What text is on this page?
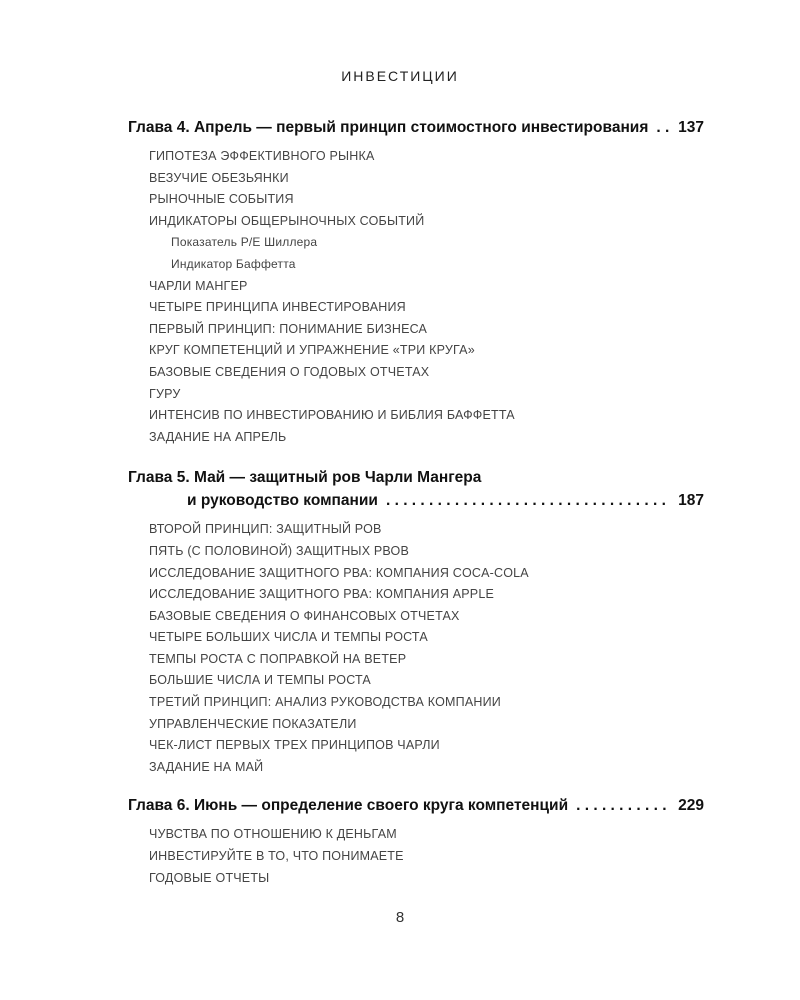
ИНВЕСТИЦИИ
Глава 4. Апрель — первый принцип стоимостного инвестирования . . . 137
ГИПОТЕЗА ЭФФЕКТИВНОГО РЫНКА
ВЕЗУЧИЕ ОБЕЗЬЯНКИ
РЫНОЧНЫЕ СОБЫТИЯ
ИНДИКАТОРЫ ОБЩЕРЫНОЧНЫХ СОБЫТИЙ
Показатель P/E Шиллера
Индикатор Баффетта
ЧАРЛИ МАНГЕР
ЧЕТЫРЕ ПРИНЦИПА ИНВЕСТИРОВАНИЯ
ПЕРВЫЙ ПРИНЦИП: ПОНИМАНИЕ БИЗНЕСА
КРУГ КОМПЕТЕНЦИЙ И УПРАЖНЕНИЕ «ТРИ КРУГА»
БАЗОВЫЕ СВЕДЕНИЯ О ГОДОВЫХ ОТЧЕТАХ
ГУРУ
ИНТЕНСИВ ПО ИНВЕСТИРОВАНИЮ И БИБЛИЯ БАФФЕТТА
ЗАДАНИЕ НА АПРЕЛЬ
Глава 5. Май — защитный ров Чарли Мангера
и руководство компании . . .	187
ВТОРОЙ ПРИНЦИП: ЗАЩИТНЫЙ РОВ
ПЯТЬ (С ПОЛОВИНОЙ) ЗАЩИТНЫХ РВОВ
ИССЛЕДОВАНИЕ ЗАЩИТНОГО РВА: КОМПАНИЯ COCA-COLA
ИССЛЕДОВАНИЕ ЗАЩИТНОГО РВА: КОМПАНИЯ APPLE
БАЗОВЫЕ СВЕДЕНИЯ О ФИНАНСОВЫХ ОТЧЕТАХ
ЧЕТЫРЕ БОЛЬШИХ ЧИСЛА И ТЕМПЫ РОСТА
ТЕМПЫ РОСТА С ПОПРАВКОЙ НА ВЕТЕР
БОЛЬШИЕ ЧИСЛА И ТЕМПЫ РОСТА
ТРЕТИЙ ПРИНЦИП: АНАЛИЗ РУКОВОДСТВА КОМПАНИИ
УПРАВЛЕНЧЕСКИЕ ПОКАЗАТЕЛИ
ЧЕК-ЛИСТ ПЕРВЫХ ТРЕХ ПРИНЦИПОВ ЧАРЛИ
ЗАДАНИЕ НА МАЙ
Глава 6. Июнь — определение своего круга компетенций . . .	229
ЧУВСТВА ПО ОТНОШЕНИЮ К ДЕНЬГАМ
ИНВЕСТИРУЙТЕ В ТО, ЧТО ПОНИМАЕТЕ
ГОДОВЫЕ ОТЧЕТЫ
8
